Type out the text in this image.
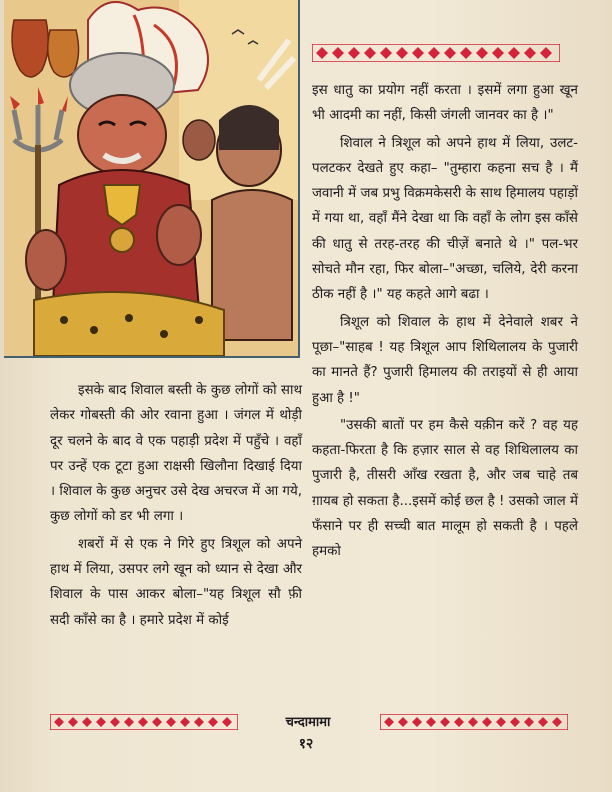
इस धातु का प्रयोग नहीं करता । इसमें लगा हुआ खून भी आदमी का नहीं, किसी जंगली जानवर का है ।"

शिवाल ने त्रिशूल को अपने हाथ में लिया, उलट-पलटकर देखते हुए कहा– "तुम्हारा कहना सच है । मैं जवानी में जब प्रभु विक्रमकेसरी के साथ हिमालय पहाड़ों में गया था, वहाँ मैंने देखा था कि वहाँ के लोग इस काँसे की धातु से तरह-तरह की चीज़ें बनाते थे ।" पल-भर सोचते मौन रहा, फिर बोला–"अच्छा, चलिये, देरी करना ठीक नहीं है ।" यह कहते आगे बढा ।

त्रिशूल को शिवाल के हाथ में देनेवाले शबर ने पूछा–"साहब ! यह त्रिशूल आप शिथिलालय के पुजारी का मानते हैं? पुजारी हिमालय की तराइयों से ही आया हुआ है !"

"उसकी बातों पर हम कैसे यक़ीन करें ? वह यह कहता-फिरता है कि हज़ार साल से वह शिथिलालय का पुजारी है, तीसरी आँख रखता है, और जब चाहे तब ग़ायब हो सकता है...इसमें कोई छल है ! उसको जाल में फँसाने पर ही सच्ची बात मालूम हो सकती है । पहले हमको

इसके बाद शिवाल बस्ती के कुछ लोगों को साथ लेकर गोबस्ती की ओर रवाना हुआ । जंगल में थोड़ी दूर चलने के बाद वे एक पहाड़ी प्रदेश में पहुँचे । वहाँ पर उन्हें एक टूटा हुआ राक्षसी खिलौना दिखाई दिया । शिवाल के कुछ अनुचर उसे देख अचरज में आ गये, कुछ लोगों को डर भी लगा ।

शबरों में से एक ने गिरे हुए त्रिशूल को अपने हाथ में लिया, उसपर लगे खून को ध्यान से देखा और शिवाल के पास आकर बोला–"यह त्रिशूल सौ फ़ी सदी काँसे का है । हमारे प्रदेश में कोई

चन्दामामा
१२
